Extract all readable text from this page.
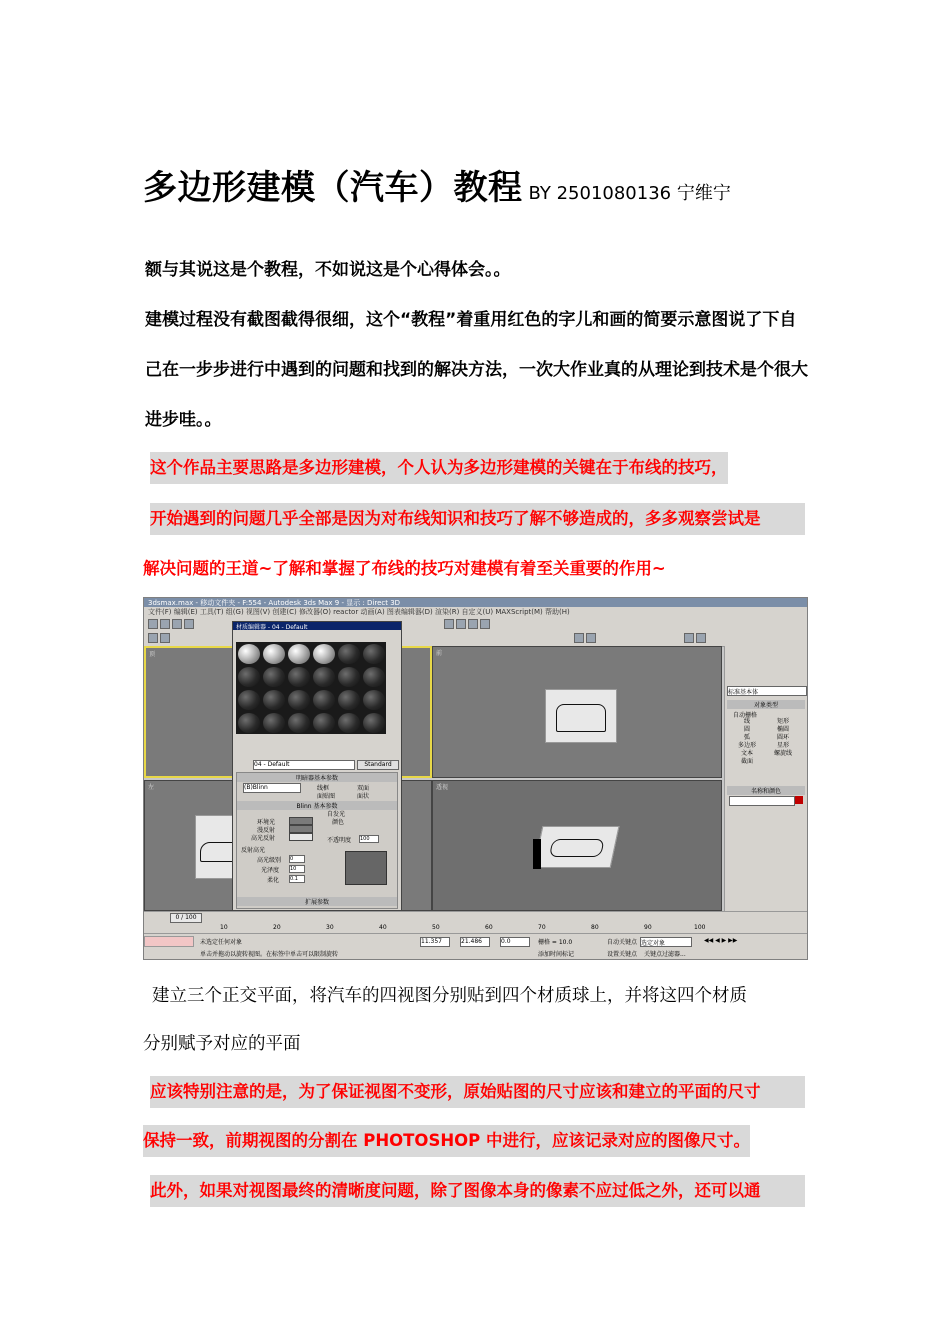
多边形建模（汽车）教程 BY 2501080136 宁维宁
额与其说这是个教程，不如说这是个心得体会。。
建模过程没有截图截得很细，这个“教程”着重用红色的字儿和画的简要示意图说了下自己在一步步进行中遇到的问题和找到的解决方法，一次大作业真的从理论到技术是个很大进步哇。。
这个作品主要思路是多边形建模，个人认为多边形建模的关键在于布线的技巧，
开始遇到的问题几乎全部是因为对布线知识和技巧了解不够造成的，多多观察尝试是
解决问题的王道~了解和掌握了布线的技巧对建模有着至关重要的作用~
3dsmax.max - 移动文件夹 - F:554 - Autodesk 3ds Max 9 - 显示 : Direct 3D
文件(F) 编辑(E) 工具(T) 组(G) 视图(V) 创建(C) 修改器(O) reactor 动画(A) 图表编辑器(D) 渲染(R) 自定义(U) MAXScript(M) 帮助(H)
顶	前
左	透视
材质编辑器 - 04 - Default
04 - Default	Standard
明暗器基本参数
(B)Blinn	线框	双面
面贴图	面状
Blinn 基本参数
自发光
颜色
环境光
漫反射
高光反射	不透明度 100
反射高光
高光级别 0
光泽度 10
柔化 0.1
扩展参数
标准基本体
对象类型
自动栅格
线	矩形 圆	椭圆 弧	圆环 多边形	星形 文本	螺旋线 截面
名称和颜色
0 / 100
10	20	30	40	50	60	70	80	90	100
未选定任何对象
单击并拖动以旋转视图。在标签中单击可以限制旋转
11.357	21.486	0.0	栅格 = 10.0
添加时间标记
自动关键点
设置关键点
选定对象
关键点过滤器...
◀◀ ◀ ▶ ▶▶
建立三个正交平面，将汽车的四视图分别贴到四个材质球上，并将这四个材质
分别赋予对应的平面
应该特别注意的是，为了保证视图不变形，原始贴图的尺寸应该和建立的平面的尺寸
保持一致，前期视图的分割在 PHOTOSHOP 中进行，应该记录对应的图像尺寸。
此外，如果对视图最终的清晰度问题，除了图像本身的像素不应过低之外，还可以通
